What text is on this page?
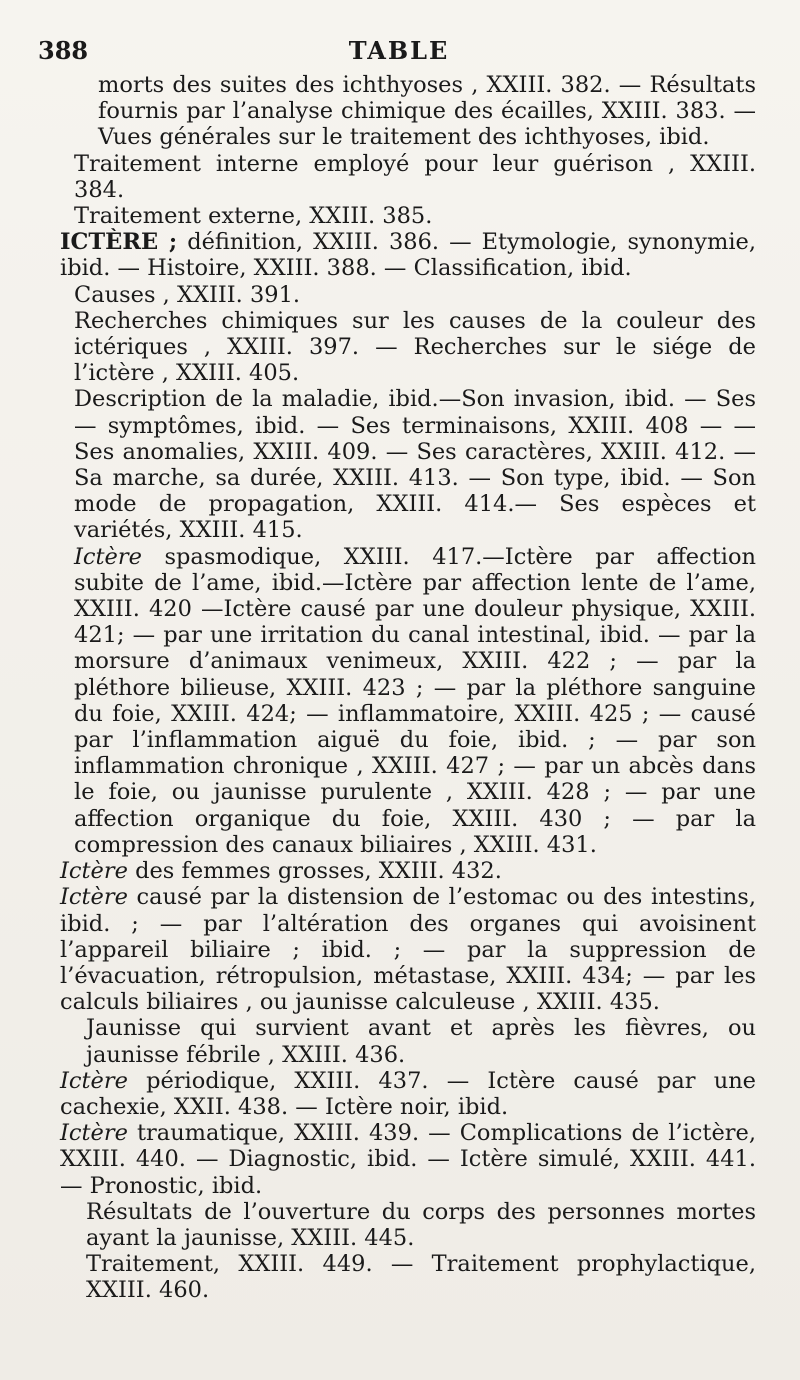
388	TABLE

morts des suites des ichthyoses , XXIII. 382. — Résultats fournis par l’analyse chimique des écailles, XXIII. 383. — Vues générales sur le traitement des ichthyoses, ibid.

Traitement interne employé pour leur guérison , XXIII. 384.

Traitement externe, XXIII. 385.

ICTÈRE ; définition, XXIII. 386. — Etymologie, synonymie, ibid. — Histoire, XXIII. 388. — Classification, ibid.

Causes , XXIII. 391.

Recherches chimiques sur les causes de la couleur des ictériques , XXIII. 397. — Recherches sur le siége de l’ictère , XXIII. 405.

Description de la maladie, ibid.—Son invasion, ibid. — Ses — symptômes, ibid. — Ses terminaisons, XXIII. 408 — —Ses anomalies, XXIII. 409. — Ses caractères, XXIII. 412. — Sa marche, sa durée, XXIII. 413. — Son type, ibid. — Son mode de propagation, XXIII. 414.— Ses espèces et variétés, XXIII. 415.

Ictère spasmodique, XXIII. 417.—Ictère par affection subite de l’ame, ibid.—Ictère par affection lente de l’ame, XXIII. 420 —Ictère causé par une douleur physique, XXIII. 421; — par une irritation du canal intestinal, ibid. — par la morsure d’animaux venimeux, XXIII. 422 ; — par la pléthore bilieuse, XXIII. 423 ; — par la pléthore sanguine du foie, XXIII. 424; — inflammatoire, XXIII. 425 ; — causé par l’inflammation aiguë du foie, ibid. ; — par son inflammation chronique , XXIII. 427 ; — par un abcès dans le foie, ou jaunisse purulente , XXIII. 428 ; — par une affection organique du foie, XXIII. 430 ; — par la compression des canaux biliaires , XXIII. 431.

Ictère des femmes grosses, XXIII. 432.

Ictère causé par la distension de l’estomac ou des intestins, ibid. ; — par l’altération des organes qui avoisinent l’appareil biliaire ; ibid. ; — par la suppression de l’évacuation, rétropulsion, métastase, XXIII. 434; — par les calculs biliaires , ou jaunisse calculeuse , XXIII. 435.

Jaunisse qui survient avant et après les fièvres, ou jaunisse fébrile , XXIII. 436.

Ictère périodique, XXIII. 437. — Ictère causé par une cachexie, XXII. 438. — Ictère noir, ibid.

Ictère traumatique, XXIII. 439. — Complications de l’ictère, XXIII. 440. — Diagnostic, ibid. — Ictère simulé, XXIII. 441. — Pronostic, ibid.

Résultats de l’ouverture du corps des personnes mortes ayant la jaunisse, XXIII. 445.

Traitement, XXIII. 449. — Traitement prophylactique, XXIII. 460.
